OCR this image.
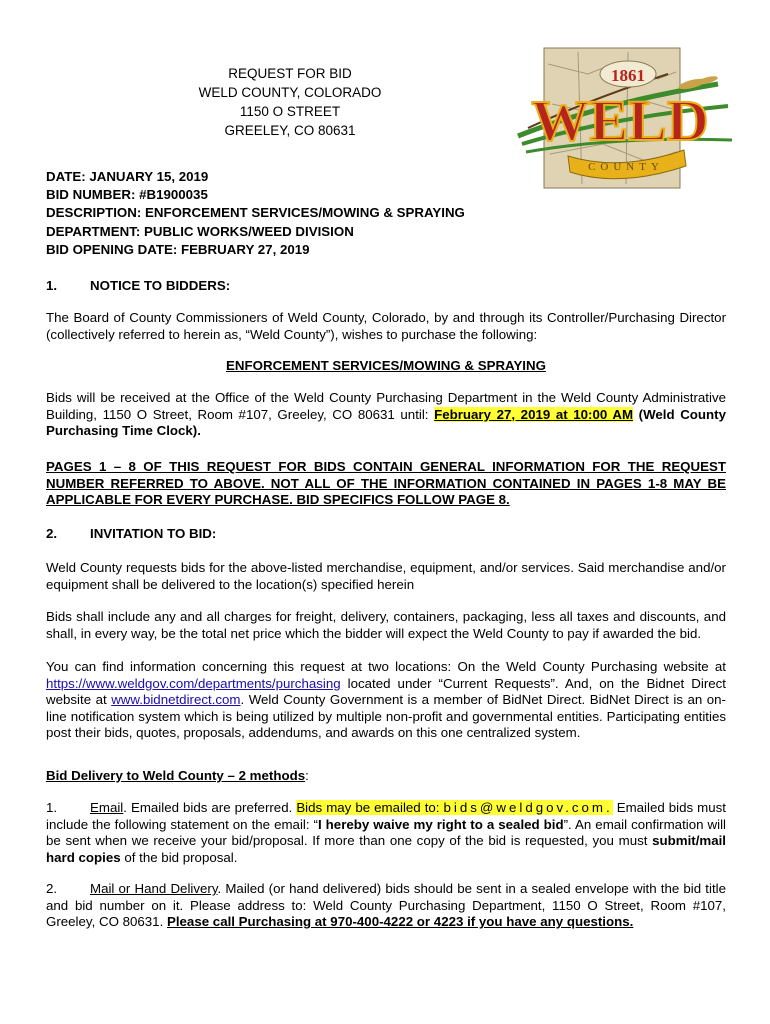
REQUEST FOR BID
WELD COUNTY, COLORADO
1150 O STREET
GREELEY, CO 80631
1861
WELD
COUNTY
DATE: JANUARY 15, 2019
BID NUMBER: #B1900035
DESCRIPTION: ENFORCEMENT SERVICES/MOWING & SPRAYING
DEPARTMENT: PUBLIC WORKS/WEED DIVISION
BID OPENING DATE: FEBRUARY 27, 2019
1. NOTICE TO BIDDERS:
The Board of County Commissioners of Weld County, Colorado, by and through its Controller/Purchasing Director (collectively referred to herein as, “Weld County”), wishes to purchase the following:
ENFORCEMENT SERVICES/MOWING & SPRAYING
Bids will be received at the Office of the Weld County Purchasing Department in the Weld County Administrative Building, 1150 O Street, Room #107, Greeley, CO 80631 until: February 27, 2019 at 10:00 AM (Weld County Purchasing Time Clock).
PAGES 1 – 8 OF THIS REQUEST FOR BIDS CONTAIN GENERAL INFORMATION FOR THE REQUEST NUMBER REFERRED TO ABOVE. NOT ALL OF THE INFORMATION CONTAINED IN PAGES 1-8 MAY BE APPLICABLE FOR EVERY PURCHASE. BID SPECIFICS FOLLOW PAGE 8.
2. INVITATION TO BID:
Weld County requests bids for the above-listed merchandise, equipment, and/or services. Said merchandise and/or equipment shall be delivered to the location(s) specified herein
Bids shall include any and all charges for freight, delivery, containers, packaging, less all taxes and discounts, and shall, in every way, be the total net price which the bidder will expect the Weld County to pay if awarded the bid.
You can find information concerning this request at two locations: On the Weld County Purchasing website at https://www.weldgov.com/departments/purchasing located under “Current Requests”. And, on the Bidnet Direct website at www.bidnetdirect.com. Weld County Government is a member of BidNet Direct. BidNet Direct is an on-line notification system which is being utilized by multiple non-profit and governmental entities. Participating entities post their bids, quotes, proposals, addendums, and awards on this one centralized system.
Bid Delivery to Weld County – 2 methods:
1. Email. Emailed bids are preferred. Bids may be emailed to: bids@weldgov.com. Emailed bids must include the following statement on the email: “I hereby waive my right to a sealed bid”. An email confirmation will be sent when we receive your bid/proposal. If more than one copy of the bid is requested, you must submit/mail hard copies of the bid proposal.
2. Mail or Hand Delivery. Mailed (or hand delivered) bids should be sent in a sealed envelope with the bid title and bid number on it. Please address to: Weld County Purchasing Department, 1150 O Street, Room #107, Greeley, CO 80631. Please call Purchasing at 970-400-4222 or 4223 if you have any questions.
